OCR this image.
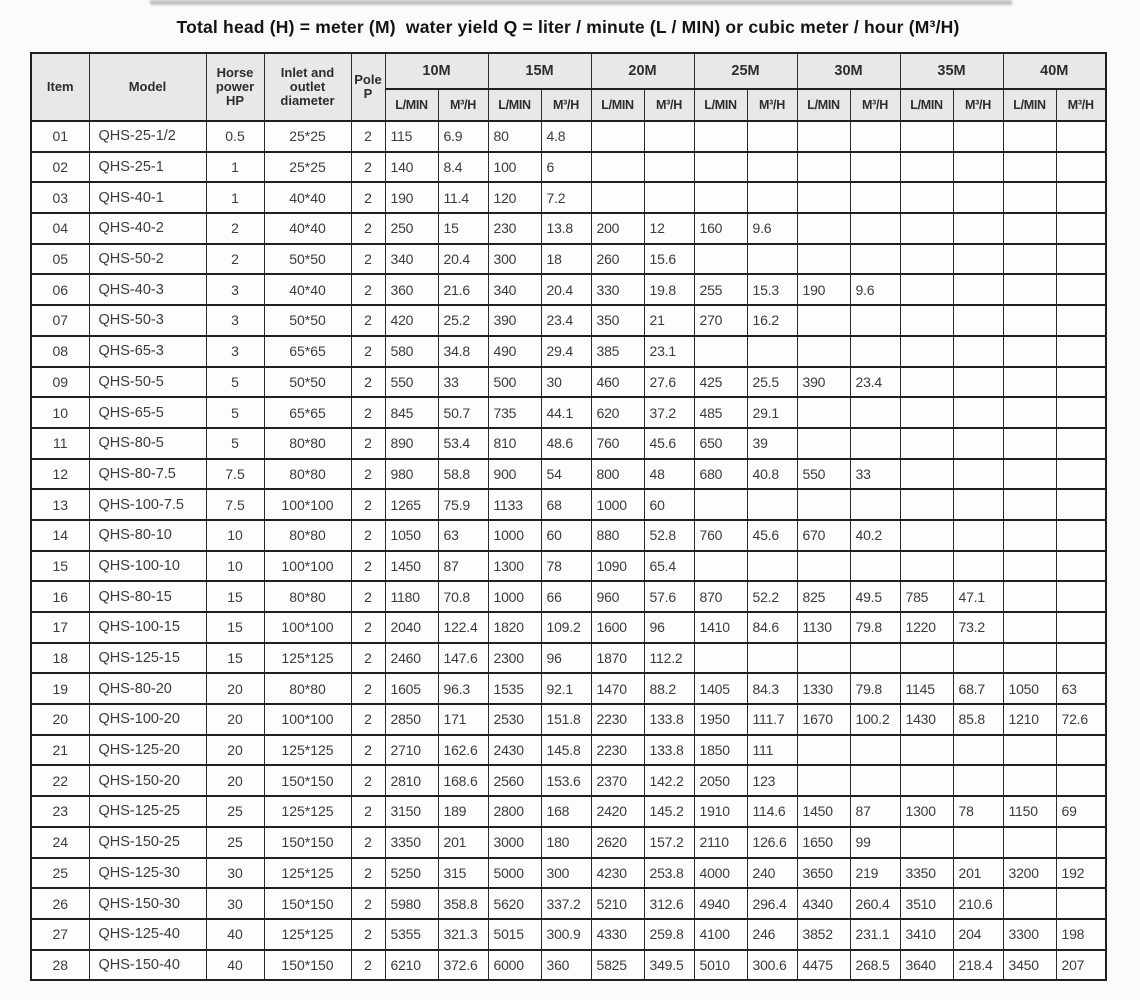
Total head (H) = meter (M)  water yield Q = liter / minute (L / MIN) or cubic meter / hour (M³/H)
Item	Model	Horse power HP	Inlet and outlet diameter	Pole P	10M		15M		20M		25M		30M		35M		40M	
					L/MIN	M³/H	L/MIN	M³/H	L/MIN	M³/H	L/MIN	M³/H	L/MIN	M³/H	L/MIN	M³/H	L/MIN	M³/H
01	QHS-25-1/2	0.5	25*25	2	115	6.9	80	4.8										
02	QHS-25-1	1	25*25	2	140	8.4	100	6										
03	QHS-40-1	1	40*40	2	190	11.4	120	7.2										
04	QHS-40-2	2	40*40	2	250	15	230	13.8	200	12	160	9.6						
05	QHS-50-2	2	50*50	2	340	20.4	300	18	260	15.6								
06	QHS-40-3	3	40*40	2	360	21.6	340	20.4	330	19.8	255	15.3	190	9.6				
07	QHS-50-3	3	50*50	2	420	25.2	390	23.4	350	21	270	16.2						
08	QHS-65-3	3	65*65	2	580	34.8	490	29.4	385	23.1								
09	QHS-50-5	5	50*50	2	550	33	500	30	460	27.6	425	25.5	390	23.4				
10	QHS-65-5	5	65*65	2	845	50.7	735	44.1	620	37.2	485	29.1						
11	QHS-80-5	5	80*80	2	890	53.4	810	48.6	760	45.6	650	39						
12	QHS-80-7.5	7.5	80*80	2	980	58.8	900	54	800	48	680	40.8	550	33				
13	QHS-100-7.5	7.5	100*100	2	1265	75.9	1133	68	1000	60								
14	QHS-80-10	10	80*80	2	1050	63	1000	60	880	52.8	760	45.6	670	40.2				
15	QHS-100-10	10	100*100	2	1450	87	1300	78	1090	65.4								
16	QHS-80-15	15	80*80	2	1180	70.8	1000	66	960	57.6	870	52.2	825	49.5	785	47.1		
17	QHS-100-15	15	100*100	2	2040	122.4	1820	109.2	1600	96	1410	84.6	1130	79.8	1220	73.2		
18	QHS-125-15	15	125*125	2	2460	147.6	2300	96	1870	112.2								
19	QHS-80-20	20	80*80	2	1605	96.3	1535	92.1	1470	88.2	1405	84.3	1330	79.8	1145	68.7	1050	63
20	QHS-100-20	20	100*100	2	2850	171	2530	151.8	2230	133.8	1950	111.7	1670	100.2	1430	85.8	1210	72.6
21	QHS-125-20	20	125*125	2	2710	162.6	2430	145.8	2230	133.8	1850	111						
22	QHS-150-20	20	150*150	2	2810	168.6	2560	153.6	2370	142.2	2050	123						
23	QHS-125-25	25	125*125	2	3150	189	2800	168	2420	145.2	1910	114.6	1450	87	1300	78	1150	69
24	QHS-150-25	25	150*150	2	3350	201	3000	180	2620	157.2	2110	126.6	1650	99				
25	QHS-125-30	30	125*125	2	5250	315	5000	300	4230	253.8	4000	240	3650	219	3350	201	3200	192
26	QHS-150-30	30	150*150	2	5980	358.8	5620	337.2	5210	312.6	4940	296.4	4340	260.4	3510	210.6		
27	QHS-125-40	40	125*125	2	5355	321.3	5015	300.9	4330	259.8	4100	246	3852	231.1	3410	204	3300	198
28	QHS-150-40	40	150*150	2	6210	372.6	6000	360	5825	349.5	5010	300.6	4475	268.5	3640	218.4	3450	207
